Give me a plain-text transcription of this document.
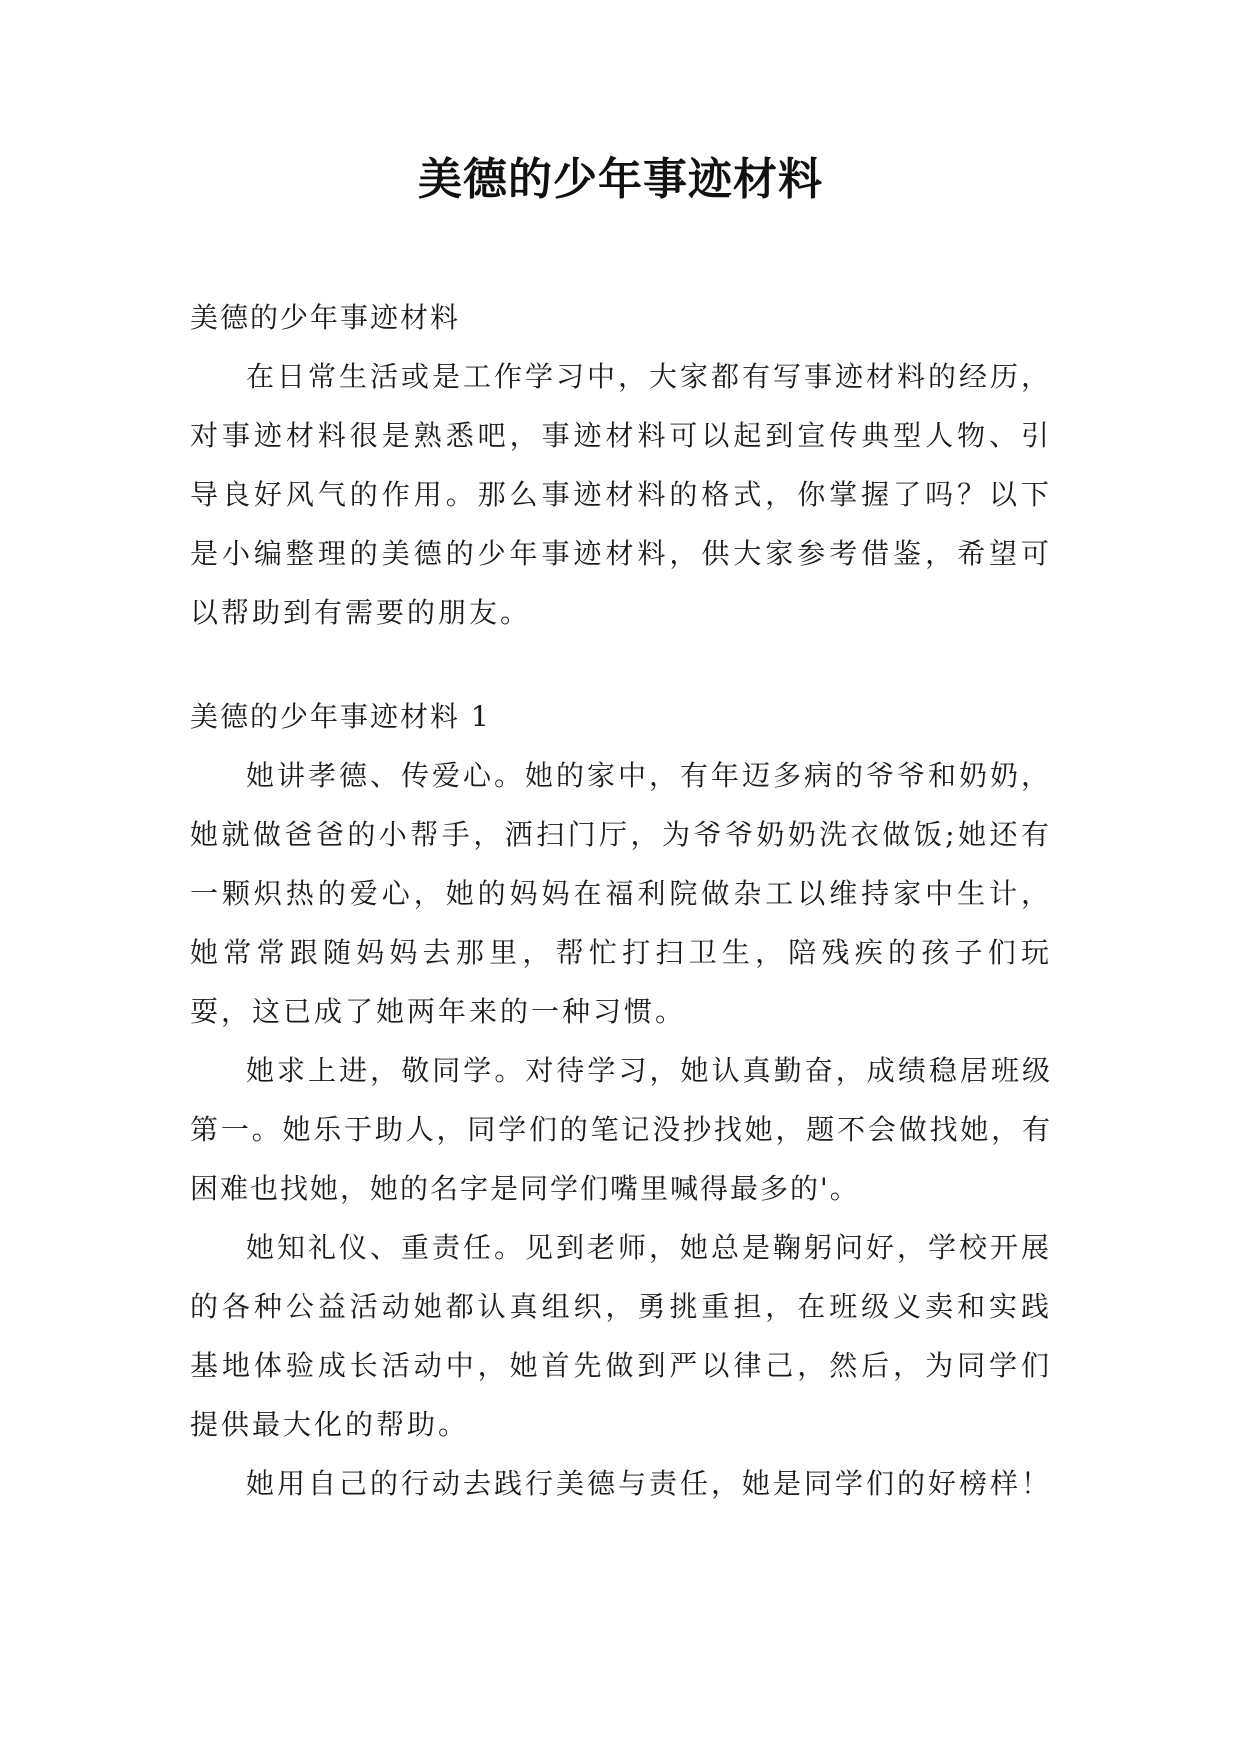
美德的少年事迹材料

美德的少年事迹材料

在日常生活或是工作学习中，大家都有写事迹材料的经历，对事迹材料很是熟悉吧，事迹材料可以起到宣传典型人物、引导良好风气的作用。那么事迹材料的格式，你掌握了吗？以下是小编整理的美德的少年事迹材料，供大家参考借鉴，希望可以帮助到有需要的朋友。

美德的少年事迹材料 1

她讲孝德、传爱心。她的家中，有年迈多病的爷爷和奶奶，她就做爸爸的小帮手，洒扫门厅，为爷爷奶奶洗衣做饭;她还有一颗炽热的爱心，她的妈妈在福利院做杂工以维持家中生计，她常常跟随妈妈去那里，帮忙打扫卫生，陪残疾的孩子们玩耍，这已成了她两年来的一种习惯。

她求上进，敬同学。对待学习，她认真勤奋，成绩稳居班级第一。她乐于助人，同学们的笔记没抄找她，题不会做找她，有困难也找她，她的名字是同学们嘴里喊得最多的'。

她知礼仪、重责任。见到老师，她总是鞠躬问好，学校开展的各种公益活动她都认真组织，勇挑重担，在班级义卖和实践基地体验成长活动中，她首先做到严以律己，然后，为同学们提供最大化的帮助。

她用自己的行动去践行美德与责任，她是同学们的好榜样！
